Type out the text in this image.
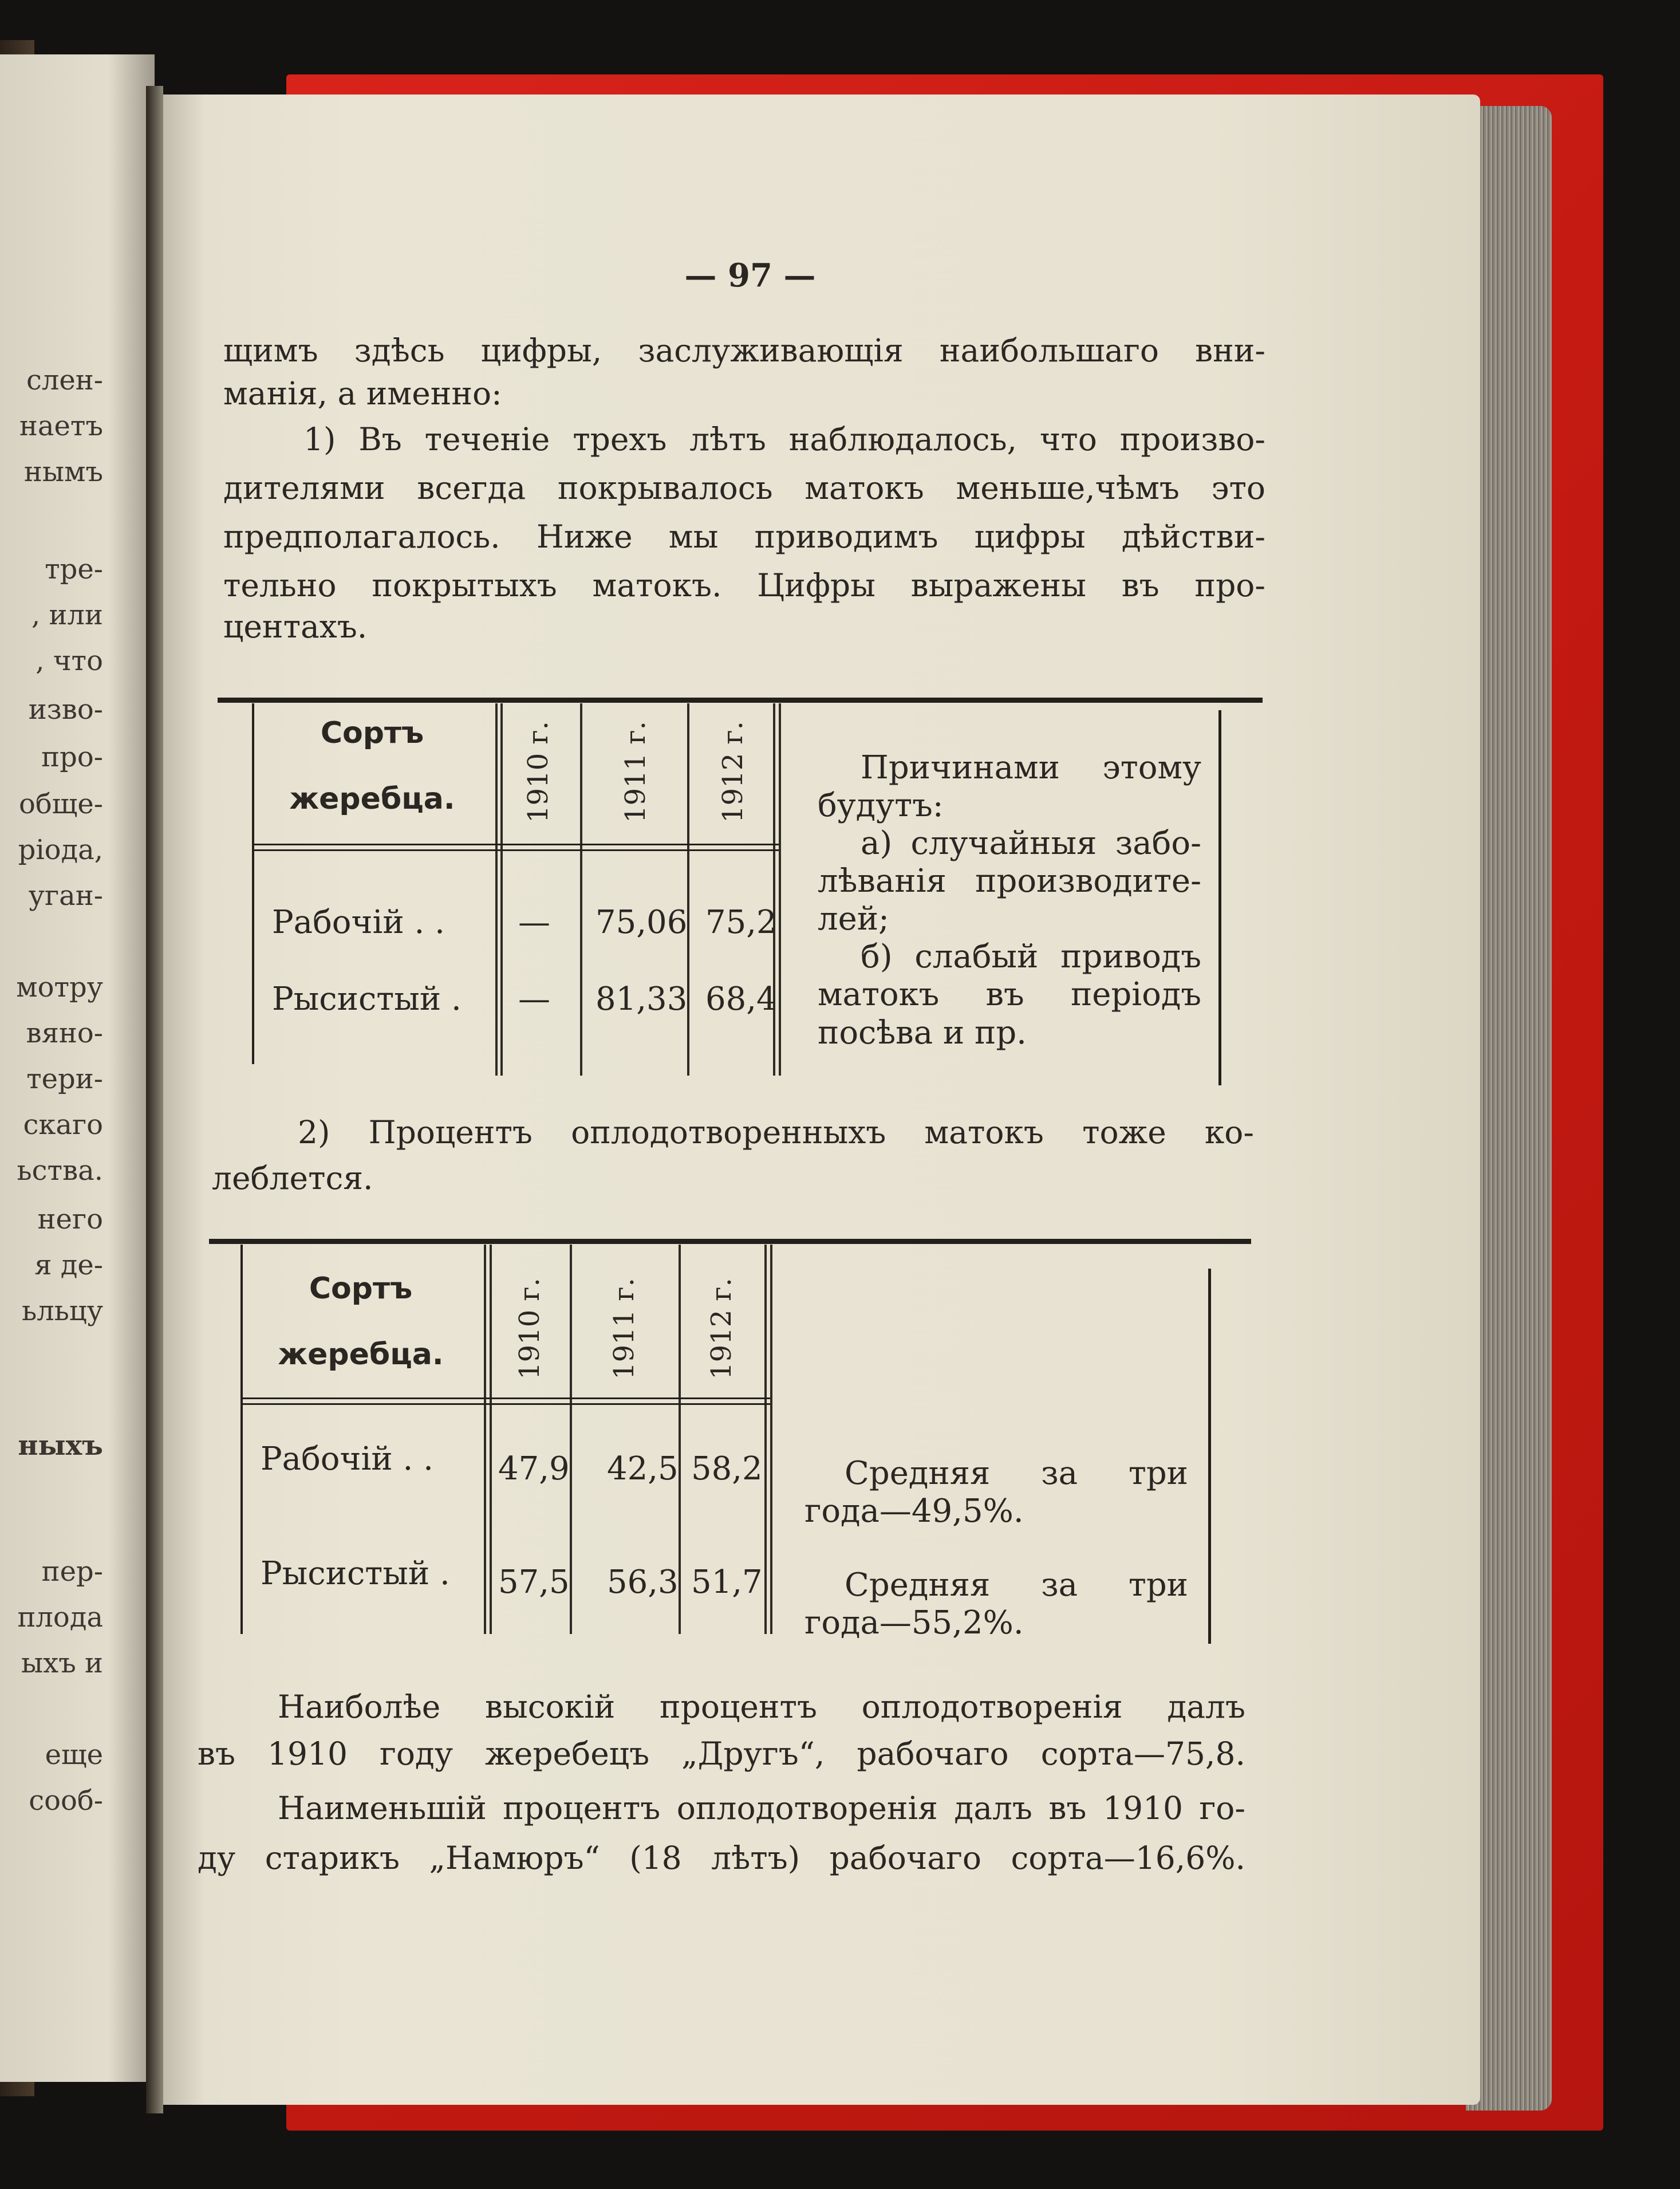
слен-
наетъ
нымъ
тре-
, или
, что
изво-
про-
обще-
ріода,
уган-
мотру
вяно-
тери-
скаго
ьства.
него
я де-
ьльцу
ныхъ
пер-
плода
ыхъ и
еще
сооб-
— 97 —
щимъ здѣсь цифры, заслуживающія наибольшаго вни-
манія, а именно:
1) Въ теченіе трехъ лѣтъ наблюдалось, что произво-
дителями всегда покрывалось матокъ меньше,чѣмъ это
предполагалось. Ниже мы приводимъ цифры дѣйстви-
тельно покрытыхъ матокъ. Цифры выражены въ про-
центахъ.
Сортъ
жеребца.	1910 г. 1911 г. 1912 г.
Рабочій . . — 75,06 75,2
Рысистый . — 81,33 68,4
Причинами этому
будутъ:
а) случайныя забо-
лѣванія производите-
лей;
б) слабый приводъ
матокъ въ періодъ
посѣва и пр.
2) Процентъ оплодотворенныхъ матокъ тоже ко-
леблется.
Сортъ
жеребца.	1910 г. 1911 г. 1912 г.
Рабочій . . 47,9 42,5 58,2
Рысистый . 57,5 56,3 51,7
Средняя за три
года—49,5%.
Средняя за три
года—55,2%.
Наиболѣе высокій процентъ оплодотворенія далъ
въ 1910 году жеребецъ „Другъ“, рабочаго сорта—75,8.
Наименьшій процентъ оплодотворенія далъ въ 1910 го-
ду старикъ „Намюръ“ (18 лѣтъ) рабочаго сорта—16,6%.
